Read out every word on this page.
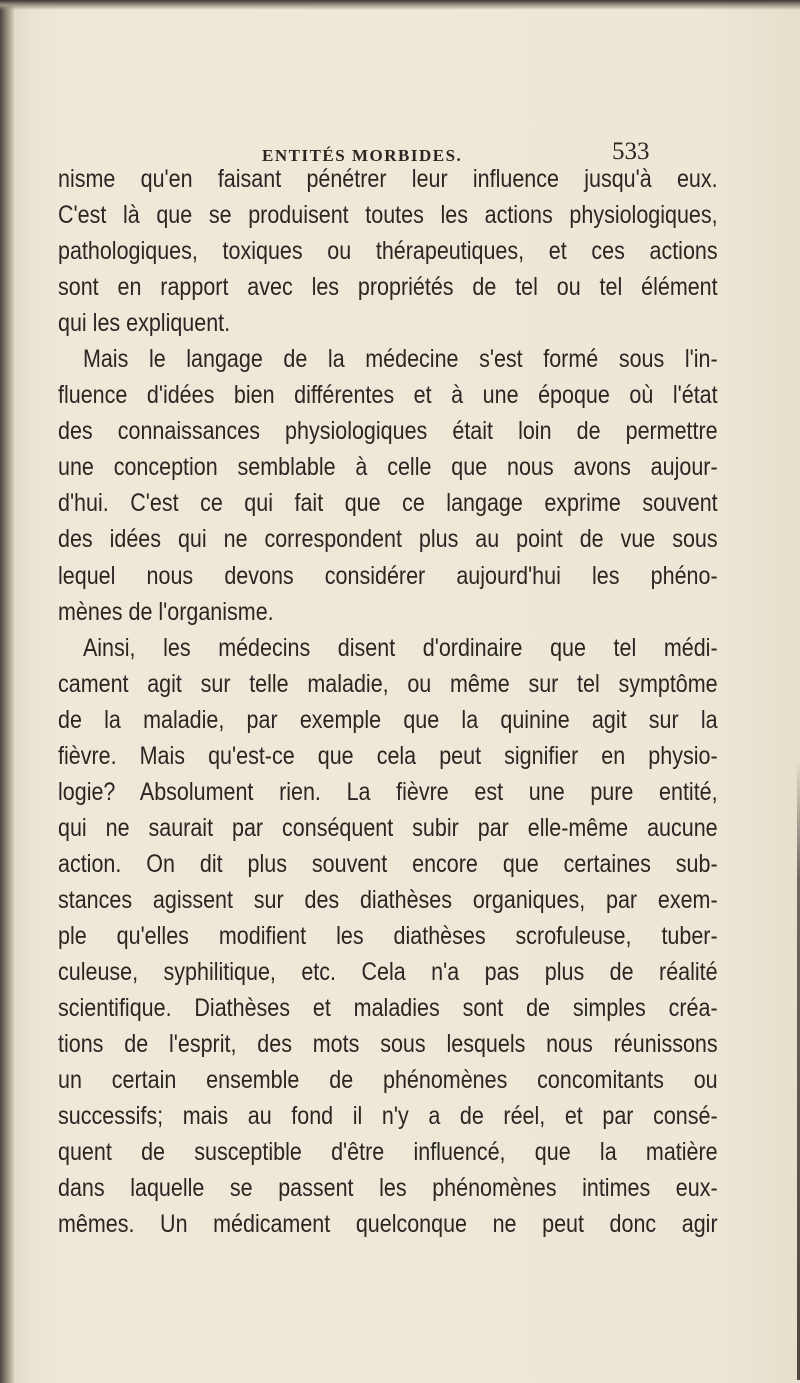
ENTITÉS MORBIDES.	533
nisme qu'en faisant pénétrer leur influence jusqu'à eux.
C'est là que se produisent toutes les actions physiologiques,
pathologiques, toxiques ou thérapeutiques, et ces actions
sont en rapport avec les propriétés de tel ou tel élément
qui les expliquent.
Mais le langage de la médecine s'est formé sous l'in-
fluence d'idées bien différentes et à une époque où l'état
des connaissances physiologiques était loin de permettre
une conception semblable à celle que nous avons aujour-
d'hui. C'est ce qui fait que ce langage exprime souvent
des idées qui ne correspondent plus au point de vue sous
lequel nous devons considérer aujourd'hui les phéno-
mènes de l'organisme.
Ainsi, les médecins disent d'ordinaire que tel médi-
cament agit sur telle maladie, ou même sur tel symptôme
de la maladie, par exemple que la quinine agit sur la
fièvre. Mais qu'est-ce que cela peut signifier en physio-
logie? Absolument rien. La fièvre est une pure entité,
qui ne saurait par conséquent subir par elle-même aucune
action. On dit plus souvent encore que certaines sub-
stances agissent sur des diathèses organiques, par exem-
ple qu'elles modifient les diathèses scrofuleuse, tuber-
culeuse, syphilitique, etc. Cela n'a pas plus de réalité
scientifique. Diathèses et maladies sont de simples créa-
tions de l'esprit, des mots sous lesquels nous réunissons
un certain ensemble de phénomènes concomitants ou
successifs; mais au fond il n'y a de réel, et par consé-
quent de susceptible d'être influencé, que la matière
dans laquelle se passent les phénomènes intimes eux-
mêmes. Un médicament quelconque ne peut donc agir
